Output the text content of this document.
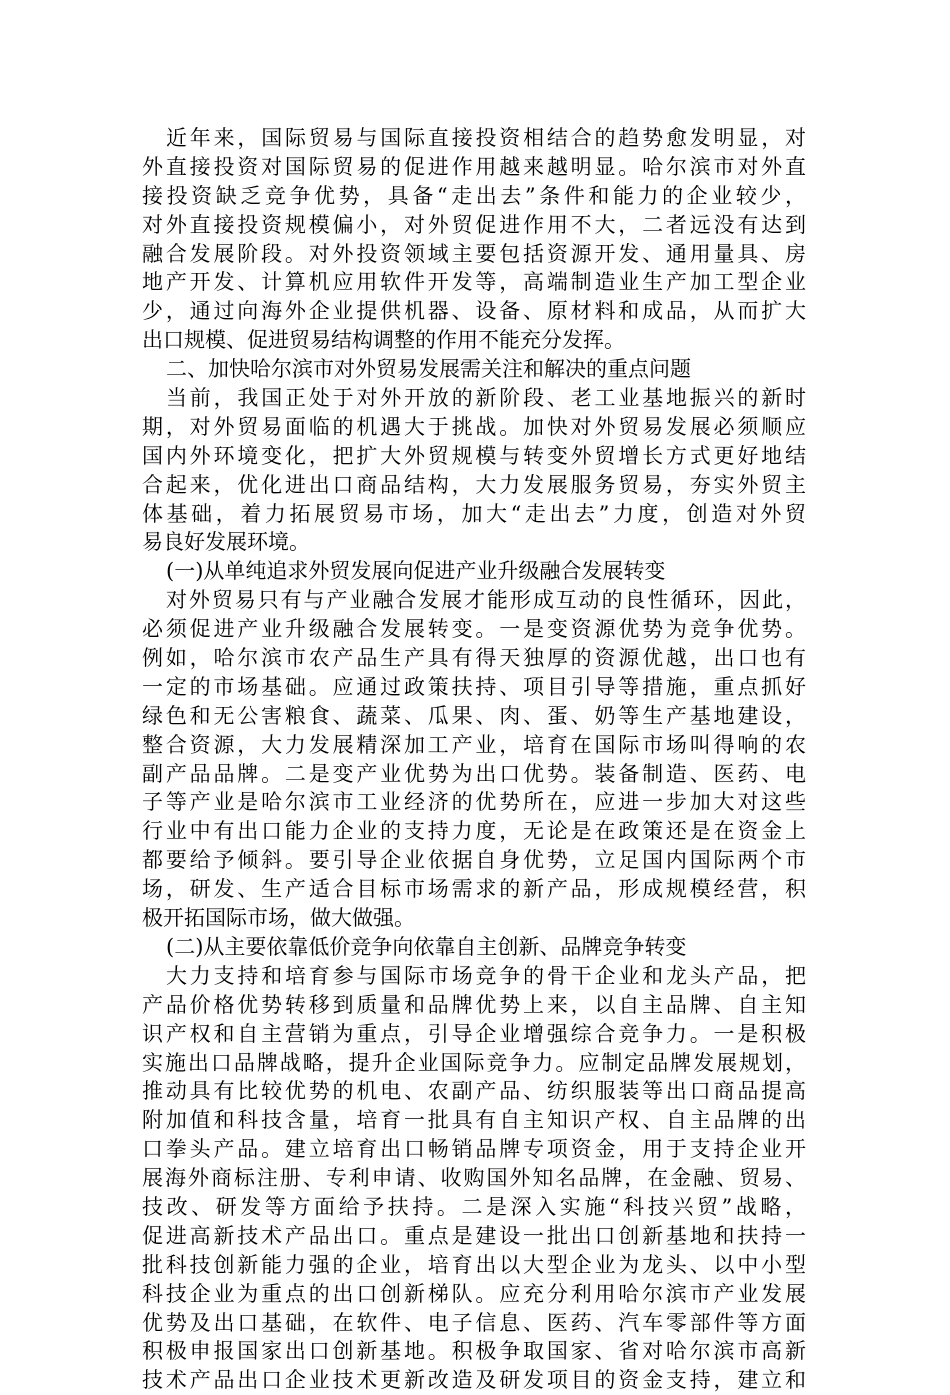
近年来，国际贸易与国际直接投资相结合的趋势愈发明显，对
外直接投资对国际贸易的促进作用越来越明显。哈尔滨市对外直
接投资缺乏竞争优势，具备“走出去”条件和能力的企业较少，
对外直接投资规模偏小，对外贸促进作用不大，二者远没有达到
融合发展阶段。对外投资领域主要包括资源开发、通用量具、房
地产开发、计算机应用软件开发等，高端制造业生产加工型企业
少，通过向海外企业提供机器、设备、原材料和成品，从而扩大
出口规模、促进贸易结构调整的作用不能充分发挥。
二、加快哈尔滨市对外贸易发展需关注和解决的重点问题
当前，我国正处于对外开放的新阶段、老工业基地振兴的新时
期，对外贸易面临的机遇大于挑战。加快对外贸易发展必须顺应
国内外环境变化，把扩大外贸规模与转变外贸增长方式更好地结
合起来，优化进出口商品结构，大力发展服务贸易，夯实外贸主
体基础，着力拓展贸易市场，加大“走出去”力度，创造对外贸
易良好发展环境。
(一)从单纯追求外贸发展向促进产业升级融合发展转变
对外贸易只有与产业融合发展才能形成互动的良性循环，因此，
必须促进产业升级融合发展转变。一是变资源优势为竞争优势。
例如，哈尔滨市农产品生产具有得天独厚的资源优越，出口也有
一定的市场基础。应通过政策扶持、项目引导等措施，重点抓好
绿色和无公害粮食、蔬菜、瓜果、肉、蛋、奶等生产基地建设，
整合资源，大力发展精深加工产业，培育在国际市场叫得响的农
副产品品牌。二是变产业优势为出口优势。装备制造、医药、电
子等产业是哈尔滨市工业经济的优势所在，应进一步加大对这些
行业中有出口能力企业的支持力度，无论是在政策还是在资金上
都要给予倾斜。要引导企业依据自身优势，立足国内国际两个市
场，研发、生产适合目标市场需求的新产品，形成规模经营，积
极开拓国际市场，做大做强。
(二)从主要依靠低价竞争向依靠自主创新、品牌竞争转变
大力支持和培育参与国际市场竞争的骨干企业和龙头产品，把
产品价格优势转移到质量和品牌优势上来，以自主品牌、自主知
识产权和自主营销为重点，引导企业增强综合竞争力。一是积极
实施出口品牌战略，提升企业国际竞争力。应制定品牌发展规划，
推动具有比较优势的机电、农副产品、纺织服装等出口商品提高
附加值和科技含量，培育一批具有自主知识产权、自主品牌的出
口拳头产品。建立培育出口畅销品牌专项资金，用于支持企业开
展海外商标注册、专利申请、收购国外知名品牌，在金融、贸易、
技改、研发等方面给予扶持。二是深入实施“科技兴贸”战略，
促进高新技术产品出口。重点是建设一批出口创新基地和扶持一
批科技创新能力强的企业，培育出以大型企业为龙头、以中小型
科技企业为重点的出口创新梯队。应充分利用哈尔滨市产业发展
优势及出口基础，在软件、电子信息、医药、汽车零部件等方面
积极申报国家出口创新基地。积极争取国家、省对哈尔滨市高新
技术产品出口企业技术更新改造及研发项目的资金支持，建立和
